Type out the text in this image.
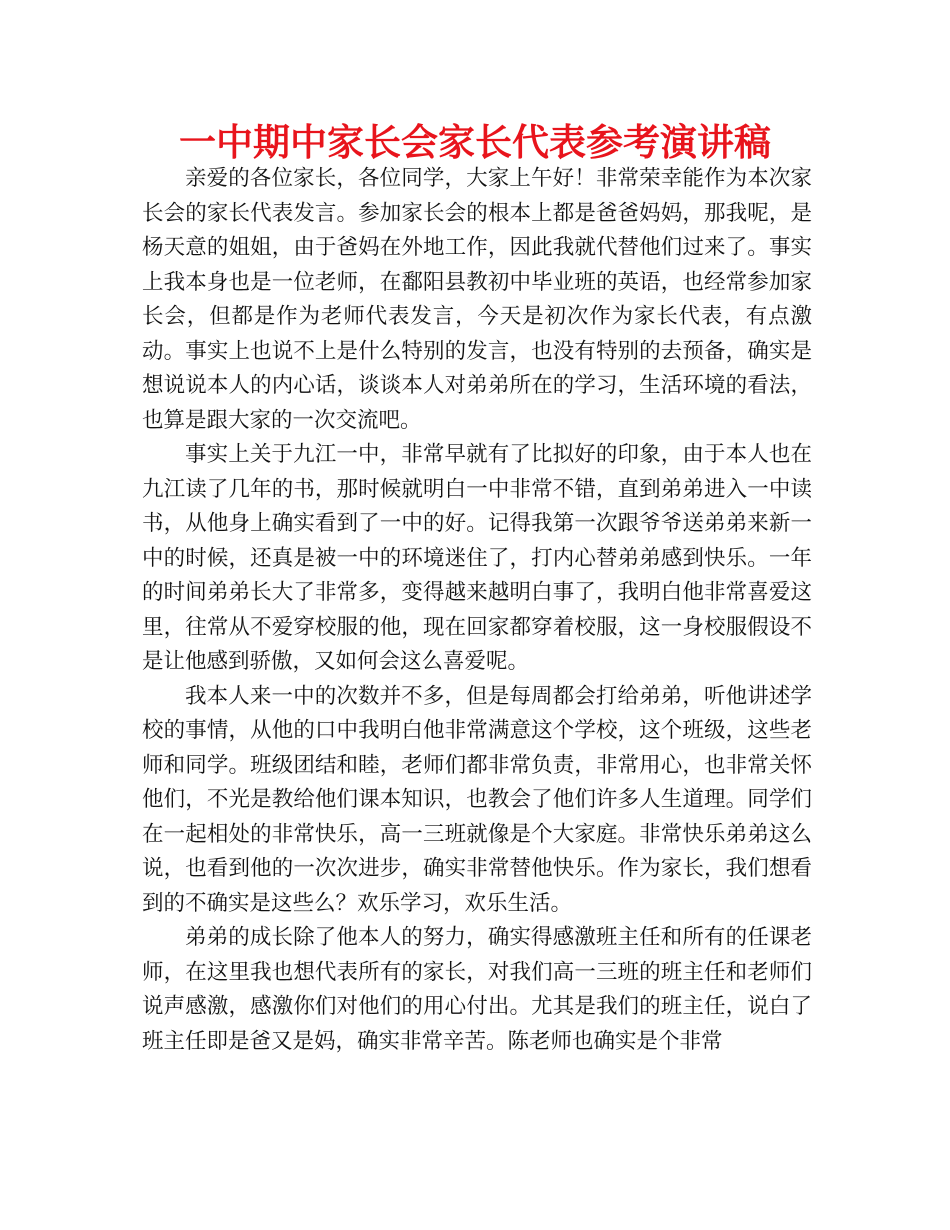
一中期中家长会家长代表参考演讲稿

亲爱的各位家长，各位同学，大家上午好！非常荣幸能作为本次家长会的家长代表发言。参加家长会的根本上都是爸爸妈妈，那我呢，是杨天意的姐姐，由于爸妈在外地工作，因此我就代替他们过来了。事实上我本身也是一位老师，在鄱阳县教初中毕业班的英语，也经常参加家长会，但都是作为老师代表发言，今天是初次作为家长代表，有点激动。事实上也说不上是什么特别的发言，也没有特别的去预备，确实是想说说本人的内心话，谈谈本人对弟弟所在的学习，生活环境的看法，也算是跟大家的一次交流吧。

事实上关于九江一中，非常早就有了比拟好的印象，由于本人也在九江读了几年的书，那时候就明白一中非常不错，直到弟弟进入一中读书，从他身上确实看到了一中的好。记得我第一次跟爷爷送弟弟来新一中的时候，还真是被一中的环境迷住了，打内心替弟弟感到快乐。一年的时间弟弟长大了非常多，变得越来越明白事了，我明白他非常喜爱这里，往常从不爱穿校服的他，现在回家都穿着校服，这一身校服假设不是让他感到骄傲，又如何会这么喜爱呢。

我本人来一中的次数并不多，但是每周都会打给弟弟，听他讲述学校的事情，从他的口中我明白他非常满意这个学校，这个班级，这些老师和同学。班级团结和睦，老师们都非常负责，非常用心，也非常关怀他们，不光是教给他们课本知识，也教会了他们许多人生道理。同学们在一起相处的非常快乐，高一三班就像是个大家庭。非常快乐弟弟这么说，也看到他的一次次进步，确实非常替他快乐。作为家长，我们想看到的不确实是这些么？欢乐学习，欢乐生活。

弟弟的成长除了他本人的努力，确实得感激班主任和所有的任课老师，在这里我也想代表所有的家长，对我们高一三班的班主任和老师们说声感激，感激你们对他们的用心付出。尤其是我们的班主任，说白了班主任即是爸又是妈，确实非常辛苦。陈老师也确实是个非常
